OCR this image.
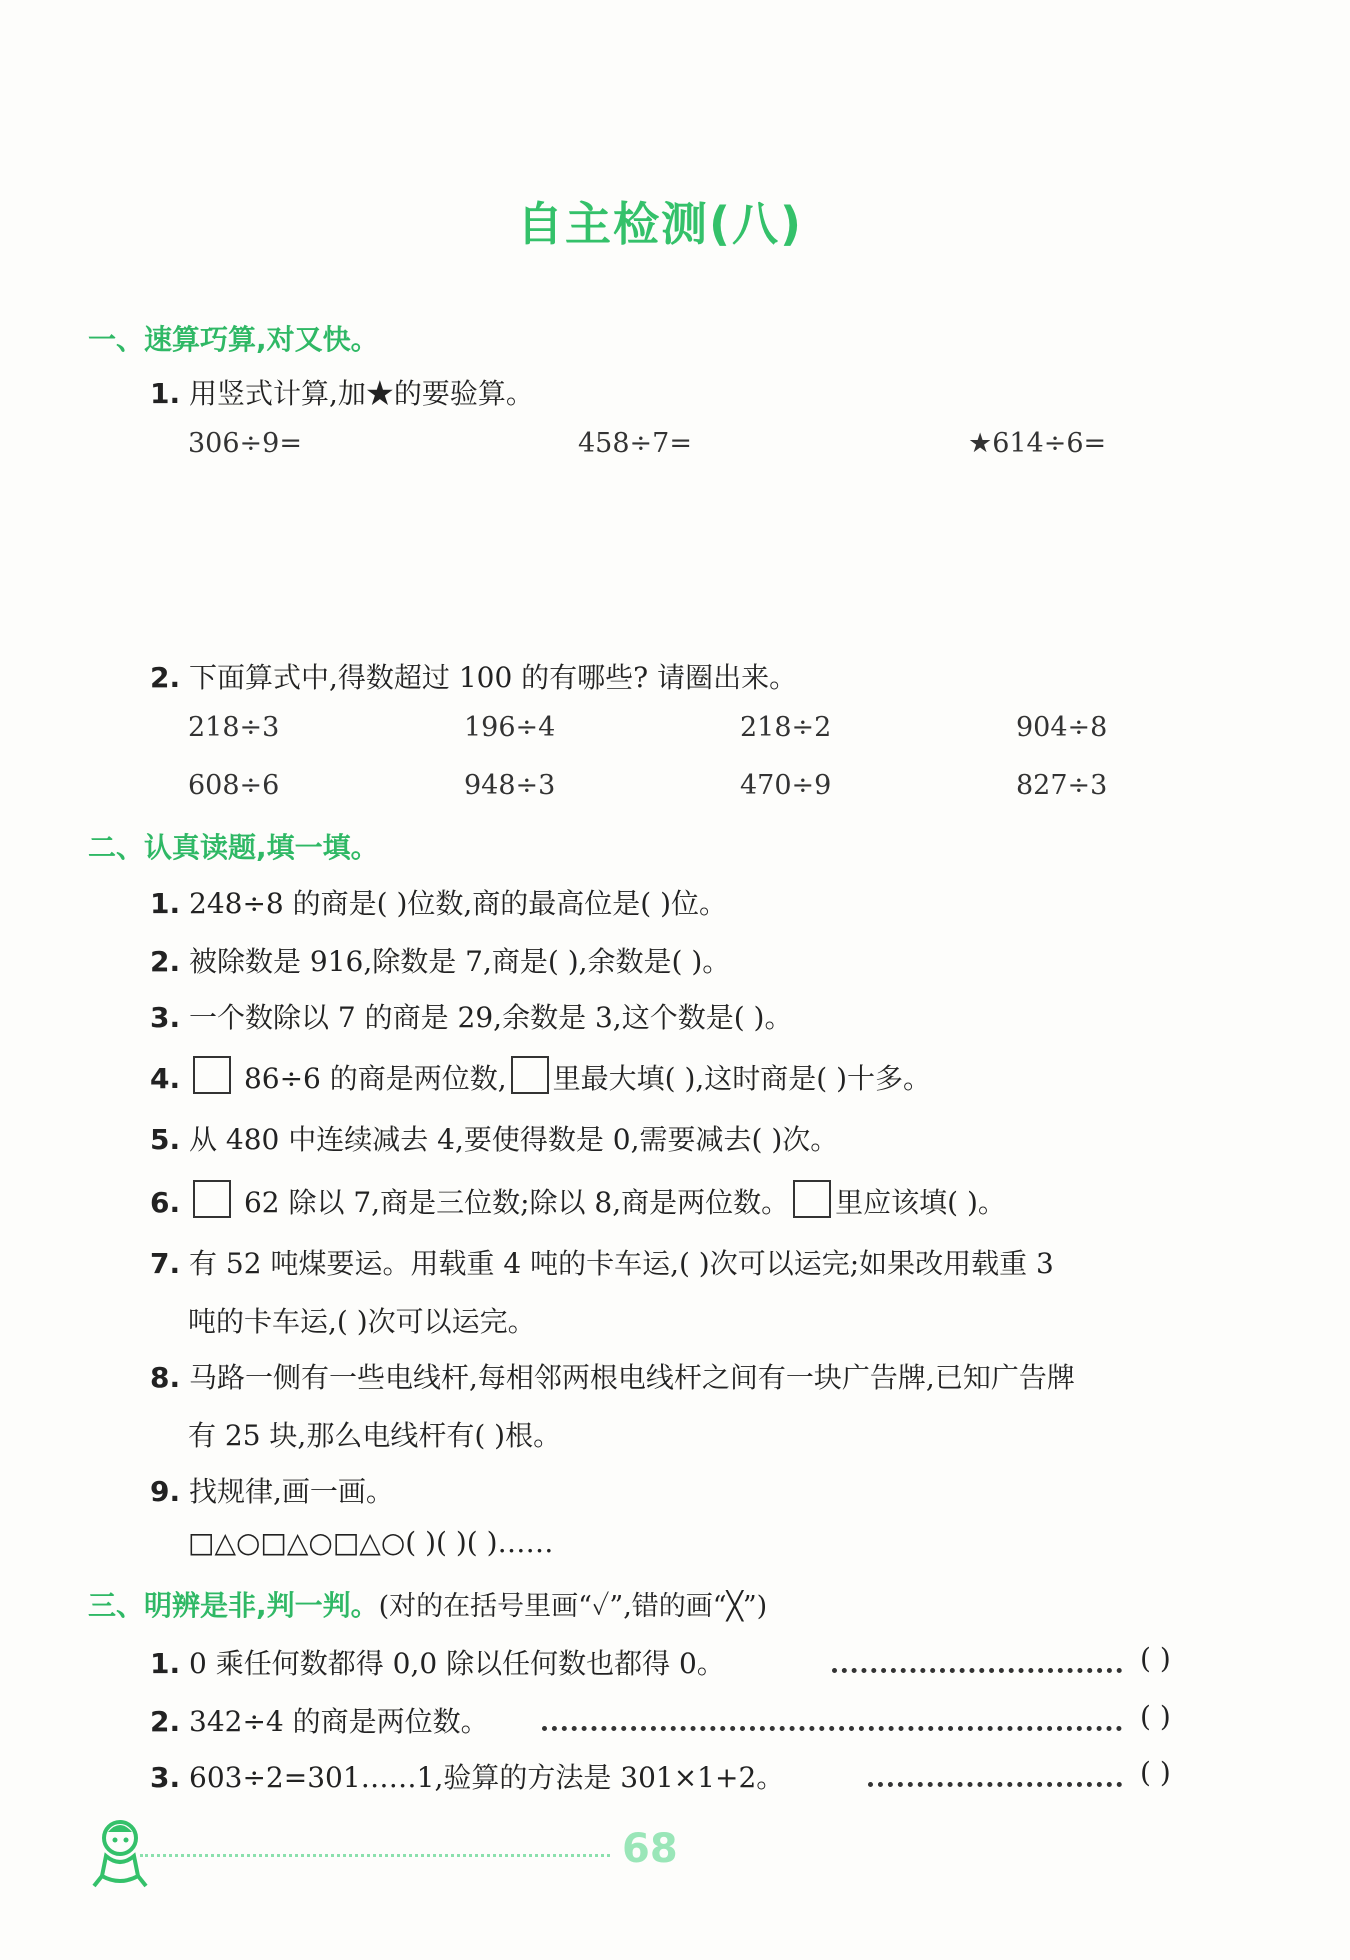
自主检测(八)
一、速算巧算,对又快。
1. 用竖式计算,加★的要验算。
306÷9=	458÷7=	★614÷6=
2. 下面算式中,得数超过 100 的有哪些? 请圈出来。
218÷3	196÷4	218÷2	904÷8
608÷6	948÷3	470÷9	827÷3
二、认真读题,填一填。
1. 248÷8 的商是( )位数,商的最高位是( )位。
2. 被除数是 916,除数是 7,商是( ),余数是( )。
3. 一个数除以 7 的商是 29,余数是 3,这个数是( )。
4. 86÷6 的商是两位数, 里最大填( ),这时商是( )十多。
5. 从 480 中连续减去 4,要使得数是 0,需要减去( )次。
6. 62 除以 7,商是三位数;除以 8,商是两位数。 里应该填( )。
7. 有 52 吨煤要运。用载重 4 吨的卡车运,( )次可以运完;如果改用载重 3
吨的卡车运,( )次可以运完。
8. 马路一侧有一些电线杆,每相邻两根电线杆之间有一块广告牌,已知广告牌
有 25 块,那么电线杆有( )根。
9. 找规律,画一画。
□△○□△○□△○( )( )( )……
三、明辨是非,判一判。(对的在括号里画“✓”,错的画“╳”)
1. 0 乘任何数都得 0,0 除以任何数也都得 0。	( )
2. 342÷4 的商是两位数。	( )
3. 603÷2=301……1,验算的方法是 301×1+2。	( )
68
